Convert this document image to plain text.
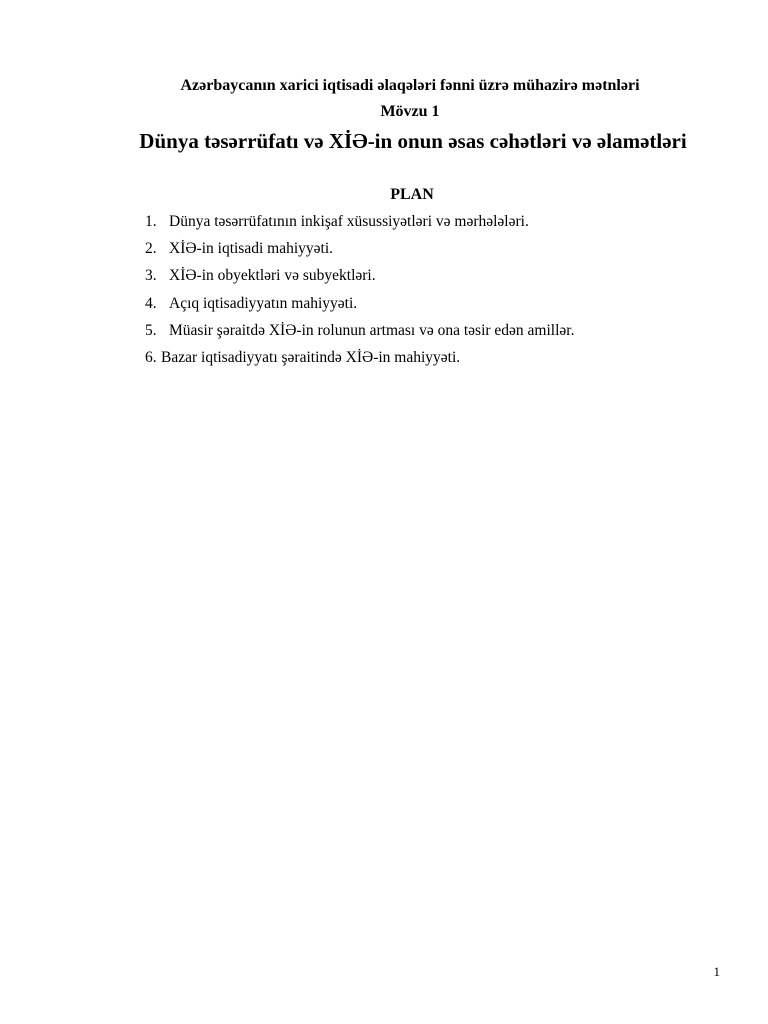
Azərbaycanın xarici iqtisadi əlaqələri fənni üzrə mühazirə mətnləri
Mövzu 1
Dünya təsərrüfatı və XİƏ-in onun əsas cəhətləri və əlamətləri
PLAN
1. Dünya təsərrüfatının inkişaf xüsussiyətləri və mərhələləri.
2. XİƏ-in iqtisadi mahiyyəti.
3. XİƏ-in obyektləri və subyektləri.
4. Açıq iqtisadiyyatın mahiyyəti.
5. Müasir şəraitdə XİƏ-in rolunun artması və ona təsir edən amillər.
6. Bazar iqtisadiyyatı şəraitində XİƏ-in mahiyyəti.
1
